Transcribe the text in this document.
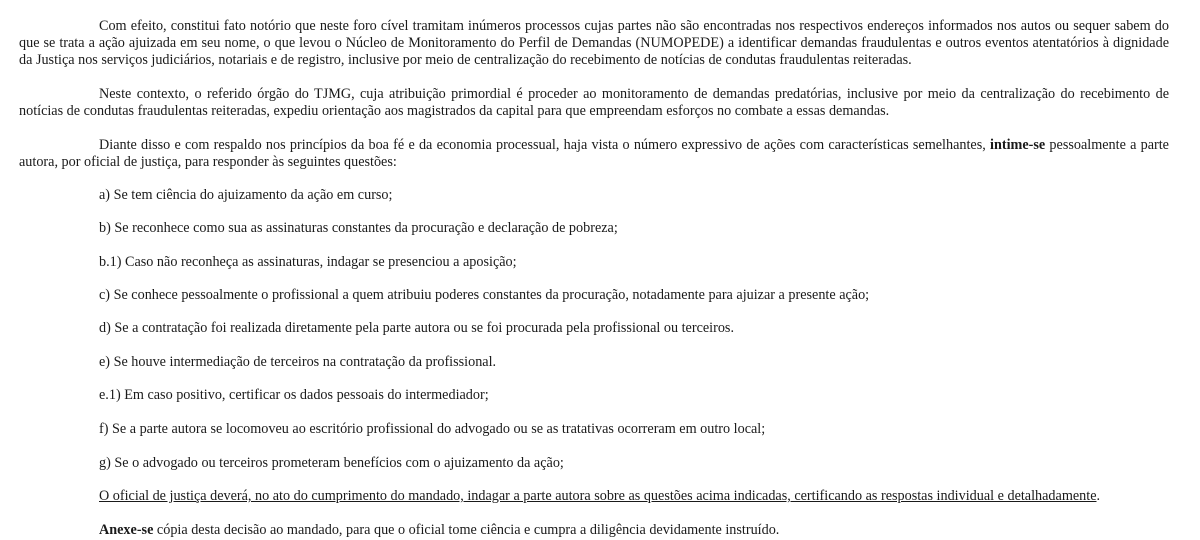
Com efeito, constitui fato notório que neste foro cível tramitam inúmeros processos cujas partes não são encontradas nos respectivos endereços informados nos autos ou sequer sabem do que se trata a ação ajuizada em seu nome, o que levou o Núcleo de Monitoramento do Perfil de Demandas (NUMOPEDE) a identificar demandas fraudulentas e outros eventos atentatórios à dignidade da Justiça nos serviços judiciários, notariais e de registro, inclusive por meio de centralização do recebimento de notícias de condutas fraudulentas reiteradas.

Neste contexto, o referido órgão do TJMG, cuja atribuição primordial é proceder ao monitoramento de demandas predatórias, inclusive por meio da centralização do recebimento de notícias de condutas fraudulentas reiteradas, expediu orientação aos magistrados da capital para que empreendam esforços no combate a essas demandas.

Diante disso e com respaldo nos princípios da boa fé e da economia processual, haja vista o número expressivo de ações com características semelhantes, intime-se pessoalmente a parte autora, por oficial de justiça, para responder às seguintes questões:

a) Se tem ciência do ajuizamento da ação em curso;

b) Se reconhece como sua as assinaturas constantes da procuração e declaração de pobreza;

b.1) Caso não reconheça as assinaturas, indagar se presenciou a aposição;

c) Se conhece pessoalmente o profissional a quem atribuiu poderes constantes da procuração, notadamente para ajuizar a presente ação;

d) Se a contratação foi realizada diretamente pela parte autora ou se foi procurada pela profissional ou terceiros.

e) Se houve intermediação de terceiros na contratação da profissional.

e.1) Em caso positivo, certificar os dados pessoais do intermediador;

f) Se a parte autora se locomoveu ao escritório profissional do advogado ou se as tratativas ocorreram em outro local;

g) Se o advogado ou terceiros prometeram benefícios com o ajuizamento da ação;

O oficial de justiça deverá, no ato do cumprimento do mandado, indagar a parte autora sobre as questões acima indicadas, certificando as respostas individual e detalhadamente.

Anexe-se cópia desta decisão ao mandado, para que o oficial tome ciência e cumpra a diligência devidamente instruído.
